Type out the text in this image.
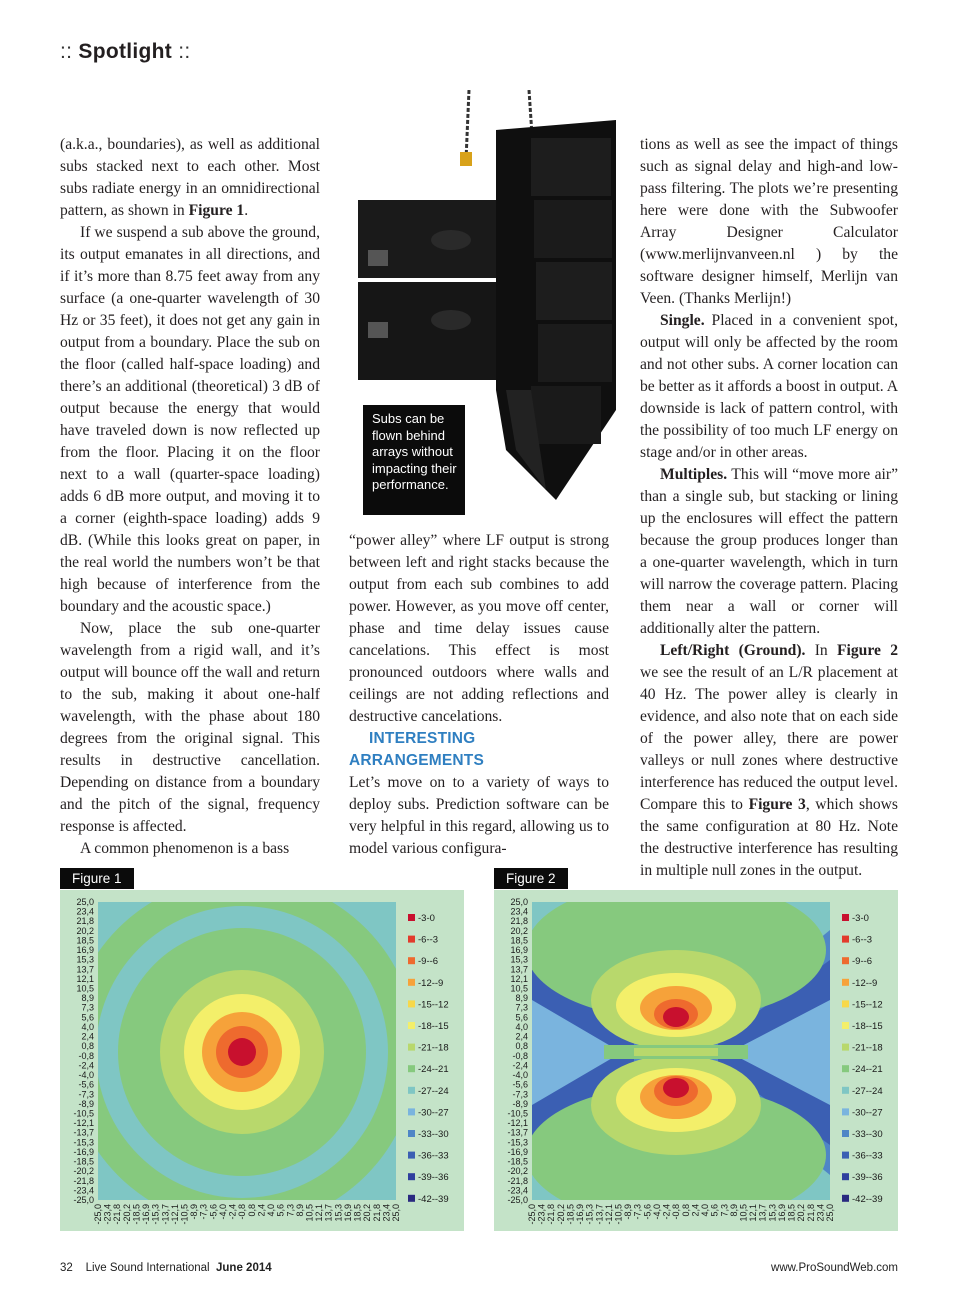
:: Spotlight ::

(a.k.a., boundaries), as well as additional subs stacked next to each other. Most subs radiate energy in an omnidirectional pattern, as shown in Figure 1.

If we suspend a sub above the ground, its output emanates in all directions, and if it’s more than 8.75 feet away from any surface (a one-quarter wavelength of 30 Hz or 35 feet), it does not get any gain in output from a boundary. Place the sub on the floor (called half-space loading) and there’s an additional (theoretical) 3 dB of output because the energy that would have traveled down is now reflected up from the floor. Placing it on the floor next to a wall (quarter-space loading) adds 6 dB more output, and moving it to a corner (eighth-space loading) adds 9 dB. (While this looks great on paper, in the real world the numbers won’t be that high because of interference from the boundary and the acoustic space.)

Now, place the sub one-quarter wavelength from a rigid wall, and it’s output will bounce off the wall and return to the sub, making it about one-half wavelength, with the phase about 180 degrees from the original signal. This results in destructive cancellation. Depending on distance from a boundary and the pitch of the signal, frequency response is affected.

A common phenomenon is a bass

Subs can be flown behind arrays without impacting their performance.

“power alley” where LF output is strong between left and right stacks because the output from each sub combines to add power. However, as you move off center, phase and time delay issues cause cancelations. This effect is most pronounced outdoors where walls and ceilings are not adding reflections and destructive cancelations.

INTERESTING ARRANGEMENTS

Let’s move on to a variety of ways to deploy subs. Prediction software can be very helpful in this regard, allowing us to model various configura-

tions as well as see the impact of things such as signal delay and high-and low-pass filtering. The plots we’re presenting here were done with the Subwoofer Array Designer Calculator (www.merlijnvanveen.nl ) by the software designer himself, Merlijn van Veen. (Thanks Merlijn!)

Single. Placed in a convenient spot, output will only be affected by the room and not other subs. A corner location can be better as it affords a boost in output. A downside is lack of pattern control, with the possibility of too much LF energy on stage and/or in other areas.

Multiples. This will “move more air” than a single sub, but stacking or lining up the enclosures will effect the pattern because the group produces longer than a one-quarter wavelength, which in turn will narrow the coverage pattern. Placing them near a wall or corner will additionally alter the pattern.

Left/Right (Ground). In Figure 2 we see the result of an L/R placement at 40 Hz. The power alley is clearly in evidence, and also note that on each side of the power alley, there are power valleys or null zones where destructive interference has reduced the output level. Compare this to Figure 3, which shows the same configuration at 80 Hz. Note the destructive interference has resulting in multiple null zones in the output.

Figure 1	Figure 2
25,0
23,4
21,8
20,2
18,5
16,9
15,3
13,7
12,1
10,5
8,9
7,3
5,6
4,0
2,4
0,8
-0,8
-2,4
-4,0
-5,6
-7,3
-8,9
-10,5
-12,1
-13,7
-15,3
-16,9
-18,5
-20,2
-21,8
-23,4
-25,0
-25,0 -23,4 -21,8 -20,2 -18,5 -16,9 -15,3 -13,7 -12,1 -10,5 -8,9 -7,3 -5,6 -4,0 -2,4 -0,8 0,8 2,4 4,0 5,6 7,3 8,9 10,5 12,1 13,7 15,3 16,9 18,5 20,2 21,8 23,4 25,0
-3-0
-6--3
-9--6
-12--9
-15--12
-18--15
-21--18
-24--21
-27--24
-30--27
-33--30
-36--33
-39--36
-42--39
25,0
23,4
21,8
20,2
18,5
16,9
15,3
13,7
12,1
10,5
8,9
7,3
5,6
4,0
2,4
0,8
-0,8
-2,4
-4,0
-5,6
-7,3
-8,9
-10,5
-12,1
-13,7
-15,3
-16,9
-18,5
-20,2
-21,8
-23,4
-25,0
-25,0 -23,4 -21,8 -20,2 -18,5 -16,9 -15,3 -13,7 -12,1 -10,5 -8,9 -7,3 -5,6 -4,0 -2,4 -0,8 0,8 2,4 4,0 5,6 7,3 8,9 10,5 12,1 13,7 15,3 16,9 18,5 20,2 21,8 23,4 25,0
-3-0
-6--3
-9--6
-12--9
-15--12
-18--15
-21--18
-24--21
-27--24
-30--27
-33--30
-36--33
-39--36
-42--39
32 Live Sound International June 2014	www.ProSoundWeb.com
